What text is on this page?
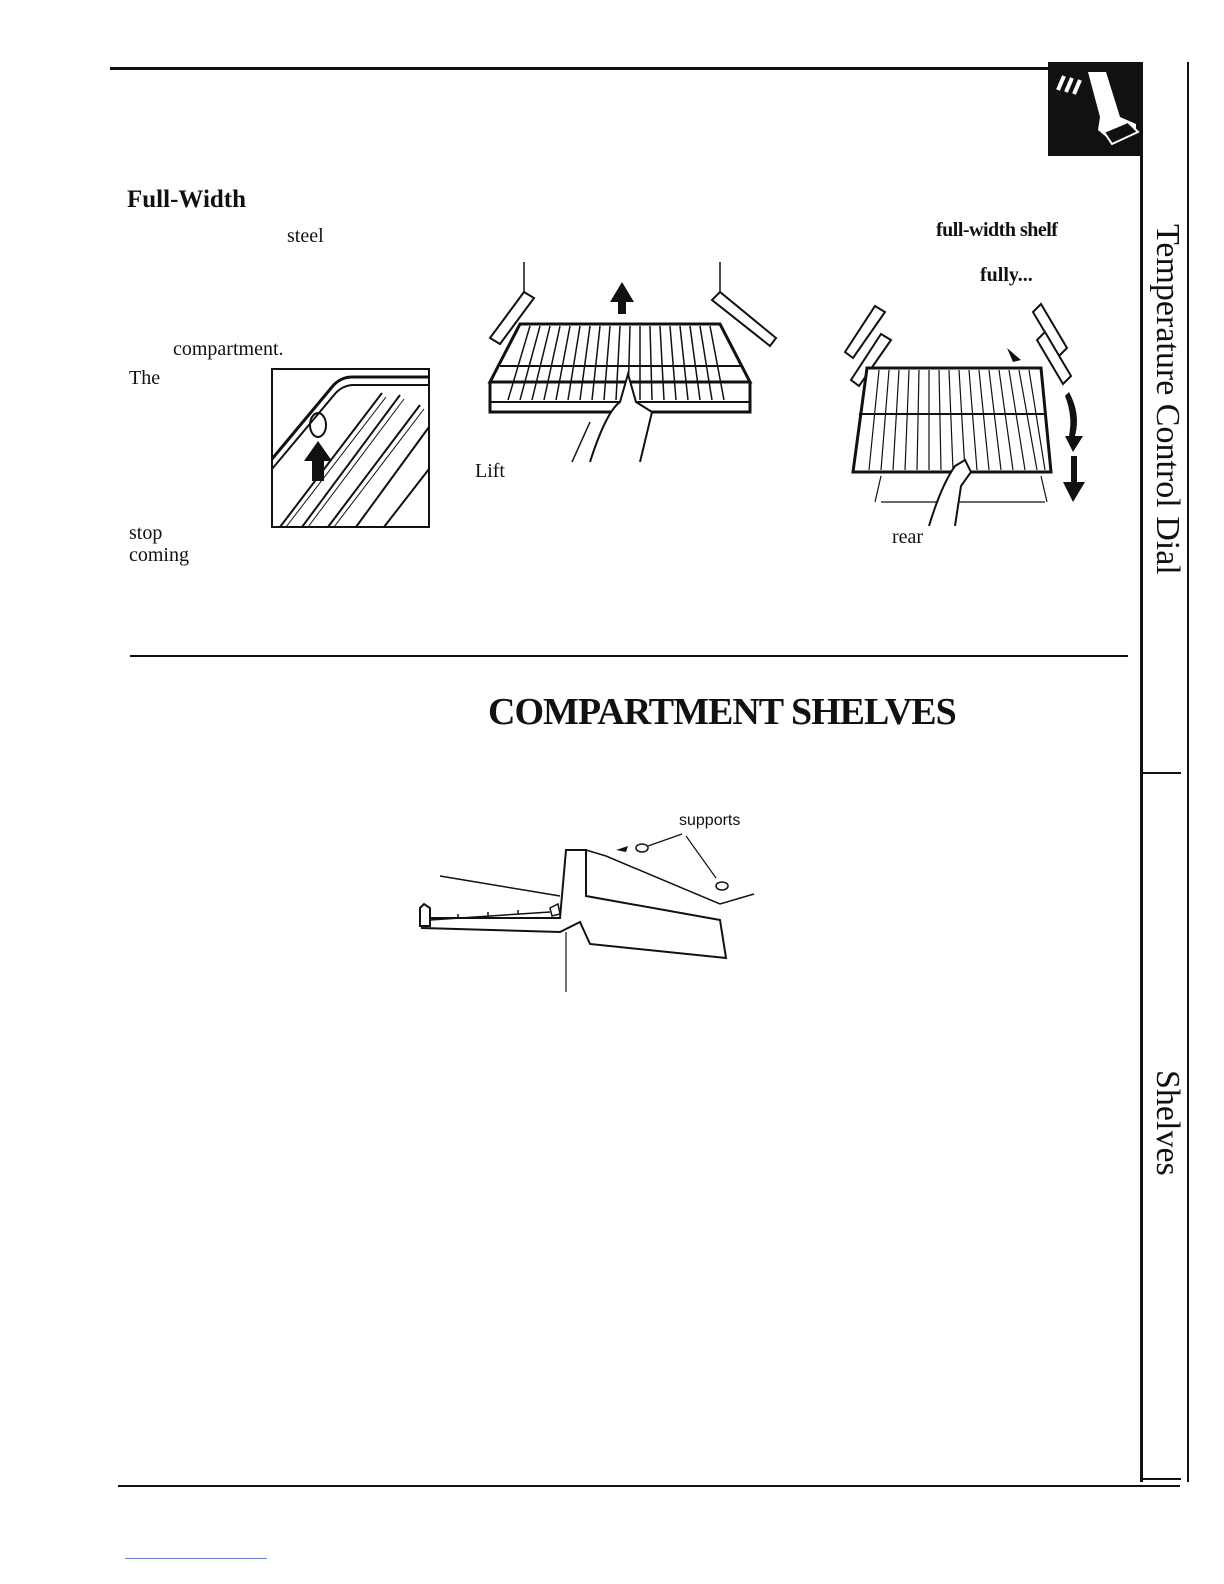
Temperature Control Dial
Shelves
Full-Width
steel
compartment.
The
stop
coming
Lift
full-width shelf
fully...
rear
COMPARTMENT SHELVES
supports
